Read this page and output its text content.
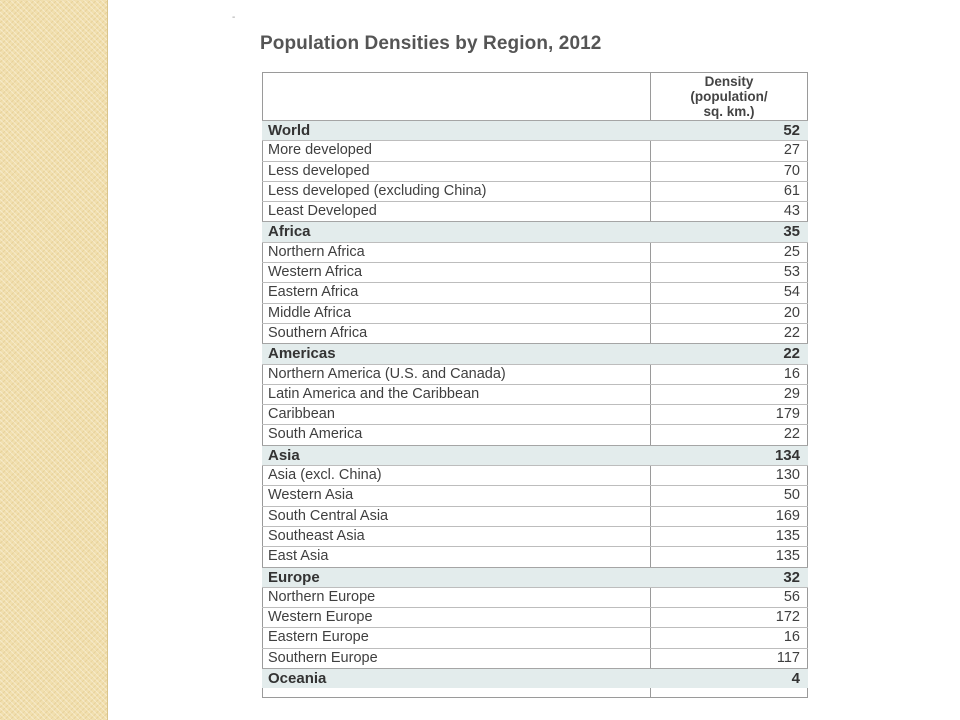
-
Population Densities by Region, 2012
Density
(population/
sq. km.)
World	52
More developed	27
Less developed	70
Less developed (excluding China)	61
Least Developed	43
Africa	35
Northern Africa	25
Western Africa	53
Eastern Africa	54
Middle Africa	20
Southern Africa	22
Americas	22
Northern America (U.S. and Canada)	16
Latin America and the Caribbean	29
Caribbean	179
South America	22
Asia	134
Asia (excl. China)	130
Western Asia	50
South Central Asia	169
Southeast Asia	135
East Asia	135
Europe	32
Northern Europe	56
Western Europe	172
Eastern Europe	16
Southern Europe	117
Oceania	4
